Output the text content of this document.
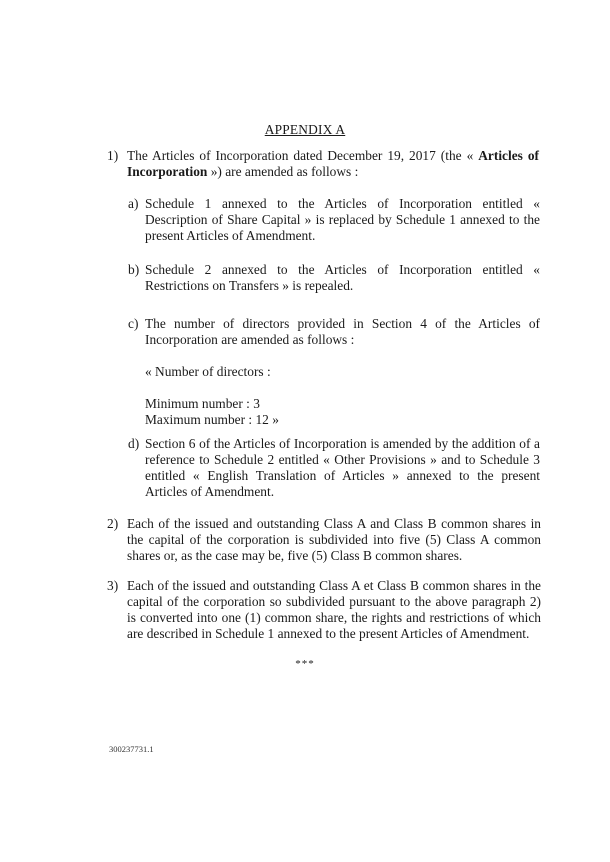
APPENDIX A
1) The Articles of Incorporation dated December 19, 2017 (the « Articles of Incorporation ») are amended as follows :
a) Schedule 1 annexed to the Articles of Incorporation entitled « Description of Share Capital » is replaced by Schedule 1 annexed to the present Articles of Amendment.
b) Schedule 2 annexed to the Articles of Incorporation entitled « Restrictions on Transfers » is repealed.
c) The number of directors provided in Section 4 of the Articles of Incorporation are amended as follows :
« Number of directors :
Minimum number : 3
Maximum number : 12 »
d) Section 6 of the Articles of Incorporation is amended by the addition of a reference to Schedule 2 entitled « Other Provisions » and to Schedule 3 entitled « English Translation of Articles » annexed to the present Articles of Amendment.
2) Each of the issued and outstanding Class A and Class B common shares in the capital of the corporation is subdivided into five (5) Class A common shares or, as the case may be, five (5) Class B common shares.
3) Each of the issued and outstanding Class A et Class B common shares in the capital of the corporation so subdivided pursuant to the above paragraph 2) is converted into one (1) common share, the rights and restrictions of which are described in Schedule 1 annexed to the present Articles of Amendment.
***
300237731.1
